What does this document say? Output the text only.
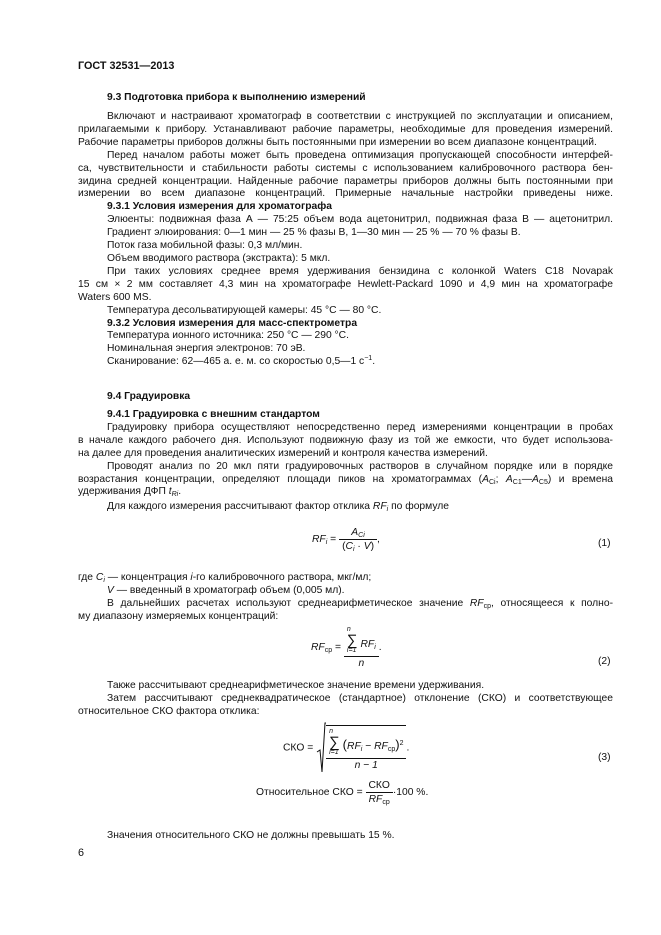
ГОСТ 32531—2013

9.3 Подготовка прибора к выполнению измерений

Включают и настраивают хроматограф в соответствии с инструкцией по эксплуатации и описанием,

прилагаемыми к прибору. Устанавливают рабочие параметры, необходимые для проведения измерений.

Рабочие параметры приборов должны быть постоянными при измерении во всем диапазоне концентраций.

Перед началом работы может быть проведена оптимизация пропускающей способности интерфей-

са, чувствительности и стабильности работы системы с использованием калибровочного раствора бен-

зидина средней концентрации. Найденные рабочие параметры приборов должны быть постоянными при

измерении во всем диапазоне концентраций. Примерные начальные настройки приведены ниже.

9.3.1 Условия измерения для хроматографа

Элюенты: подвижная фаза А — 75:25 объем вода ацетонитрил, подвижная фаза В — ацетонитрил.

Градиент элюирования: 0—1 мин — 25 % фазы В, 1—30 мин — 25 % — 70 % фазы В.

Поток газа мобильной фазы: 0,3 мл/мин.

Объем вводимого раствора (экстракта): 5 мкл.

При таких условиях среднее время удерживания бензидина с колонкой Waters C18 Novapak

15 см × 2 мм составляет 4,3 мин на хроматографе Hewlett-Packard 1090 и 4,9 мин на хроматографе

Waters 600 MS.

Температура десольватирующей камеры: 45 °C — 80 °C.

9.3.2 Условия измерения для масс-спектрометра

Температура ионного источника: 250 °C — 290 °C.

Номинальная энергия электронов: 70 эВ.

Сканирование: 62—465 а. е. м. со скоростью 0,5—1 $с^{-1}$.

9.4 Градуировка

9.4.1 Градуировка с внешним стандартом

Градуировку прибора осуществляют непосредственно перед измерениями концентрации в пробах

в начале каждого рабочего дня. Используют подвижную фазу из той же емкости, что будет использова-

на далее для проведения аналитических измерений и контроля качества измерений.

Проводят анализ по 20 мкл пяти градуировочных растворов в случайном порядке или в порядке

возрастания концентрации, определяют площади пиков на хроматограммах ($A_{Ci}$; $A_{C1}—A_{C5}$) и времена

удерживания ДФП $t_{Ri}$.

Для каждого измерения рассчитывают фактор отклика $RF_i$ по формуле

$RF_i = \frac{A_{Ci}}{(C_i \cdot V)}$ ,	(1)
где $C_i$ — концентрация i-го калибровочного раствора, мкг/мл;
V — введенный в хроматограф объем (0,005 мл).

В дальнейших расчетах используют среднеарифметическое значение $RF_{ср}$, относящееся к полно-

му диапазону измеряемых концентраций:

$RF_{ср} = n$
∑
i=1
$RF_i$
n .
(2)

Также рассчитывают среднеарифметическое значение времени удерживания.

Затем рассчитывают среднеквадратическое (стандартное) отклонение (СКО) и соответствующее

относительное СКО фактора отклика:

СКО = n
∑
i=1
$(RF_i - RF_{ср})^2$
n − 1 .
(3)
Относительное СКО = $\frac{\text{СКО}}{RF_{ср}} \cdot 100$ %.
Значения относительного СКО не должны превышать 15 %.
6
